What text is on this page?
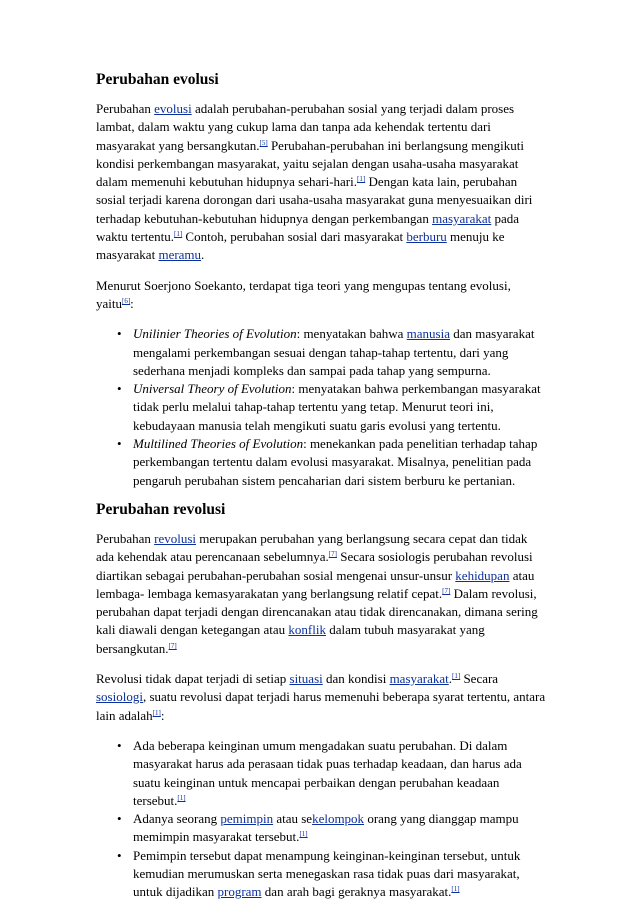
Perubahan evolusi

Perubahan evolusi adalah perubahan-perubahan sosial yang terjadi dalam proses lambat, dalam waktu yang cukup lama dan tanpa ada kehendak tertentu dari masyarakat yang bersangkutan.[5] Perubahan-perubahan ini berlangsung mengikuti kondisi perkembangan masyarakat, yaitu sejalan dengan usaha-usaha masyarakat dalam memenuhi kebutuhan hidupnya sehari-hari.[1] Dengan kata lain, perubahan sosial terjadi karena dorongan dari usaha-usaha masyarakat guna menyesuaikan diri terhadap kebutuhan-kebutuhan hidupnya dengan perkembangan masyarakat pada waktu tertentu.[1] Contoh, perubahan sosial dari masyarakat berburu menuju ke masyarakat meramu.

Menurut Soerjono Soekanto, terdapat tiga teori yang mengupas tentang evolusi, yaitu[6]:

• Unilinier Theories of Evolution: menyatakan bahwa manusia dan masyarakat mengalami perkembangan sesuai dengan tahap-tahap tertentu, dari yang sederhana menjadi kompleks dan sampai pada tahap yang sempurna.
• Universal Theory of Evolution: menyatakan bahwa perkembangan masyarakat tidak perlu melalui tahap-tahap tertentu yang tetap. Menurut teori ini, kebudayaan manusia telah mengikuti suatu garis evolusi yang tertentu.
• Multilined Theories of Evolution: menekankan pada penelitian terhadap tahap perkembangan tertentu dalam evolusi masyarakat. Misalnya, penelitian pada pengaruh perubahan sistem pencaharian dari sistem berburu ke pertanian.
Perubahan revolusi

Perubahan revolusi merupakan perubahan yang berlangsung secara cepat dan tidak ada kehendak atau perencanaan sebelumnya.[7] Secara sosiologis perubahan revolusi diartikan sebagai perubahan-perubahan sosial mengenai unsur-unsur kehidupan atau lembaga- lembaga kemasyarakatan yang berlangsung relatif cepat.[7] Dalam revolusi, perubahan dapat terjadi dengan direncanakan atau tidak direncanakan, dimana sering kali diawali dengan ketegangan atau konflik dalam tubuh masyarakat yang bersangkutan.[7]

Revolusi tidak dapat terjadi di setiap situasi dan kondisi masyarakat.[1] Secara sosiologi, suatu revolusi dapat terjadi harus memenuhi beberapa syarat tertentu, antara lain adalah[1]:

• Ada beberapa keinginan umum mengadakan suatu perubahan. Di dalam masyarakat harus ada perasaan tidak puas terhadap keadaan, dan harus ada suatu keinginan untuk mencapai perbaikan dengan perubahan keadaan tersebut.[1]
• Adanya seorang pemimpin atau sekelompok orang yang dianggap mampu memimpin masyarakat tersebut.[1]
• Pemimpin tersebut dapat menampung keinginan-keinginan tersebut, untuk kemudian merumuskan serta menegaskan rasa tidak puas dari masyarakat, untuk dijadikan program dan arah bagi geraknya masyarakat.[1]
